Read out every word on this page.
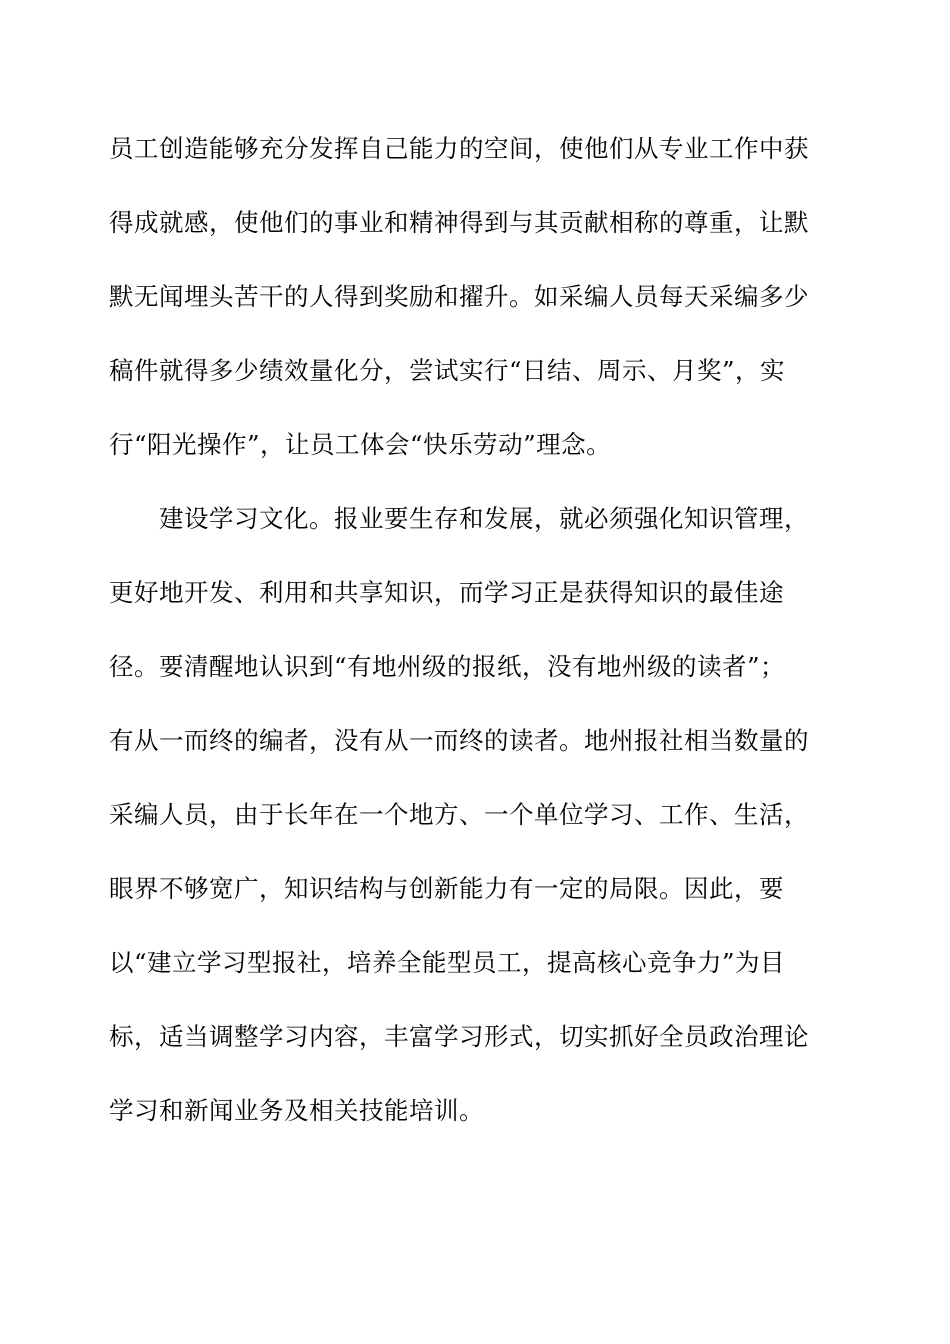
员工创造能够充分发挥自己能力的空间，使他们从专业工作中获
得成就感，使他们的事业和精神得到与其贡献相称的尊重，让默
默无闻埋头苦干的人得到奖励和擢升。如采编人员每天采编多少
稿件就得多少绩效量化分，尝试实行“日结、周示、月奖”，实
行“阳光操作”，让员工体会“快乐劳动”理念。
建设学习文化。报业要生存和发展，就必须强化知识管理，
更好地开发、利用和共享知识，而学习正是获得知识的最佳途
径。要清醒地认识到“有地州级的报纸，没有地州级的读者”；
有从一而终的编者，没有从一而终的读者。地州报社相当数量的
采编人员，由于长年在一个地方、一个单位学习、工作、生活，
眼界不够宽广，知识结构与创新能力有一定的局限。因此，要
以“建立学习型报社，培养全能型员工，提高核心竞争力”为目
标，适当调整学习内容，丰富学习形式，切实抓好全员政治理论
学习和新闻业务及相关技能培训。
